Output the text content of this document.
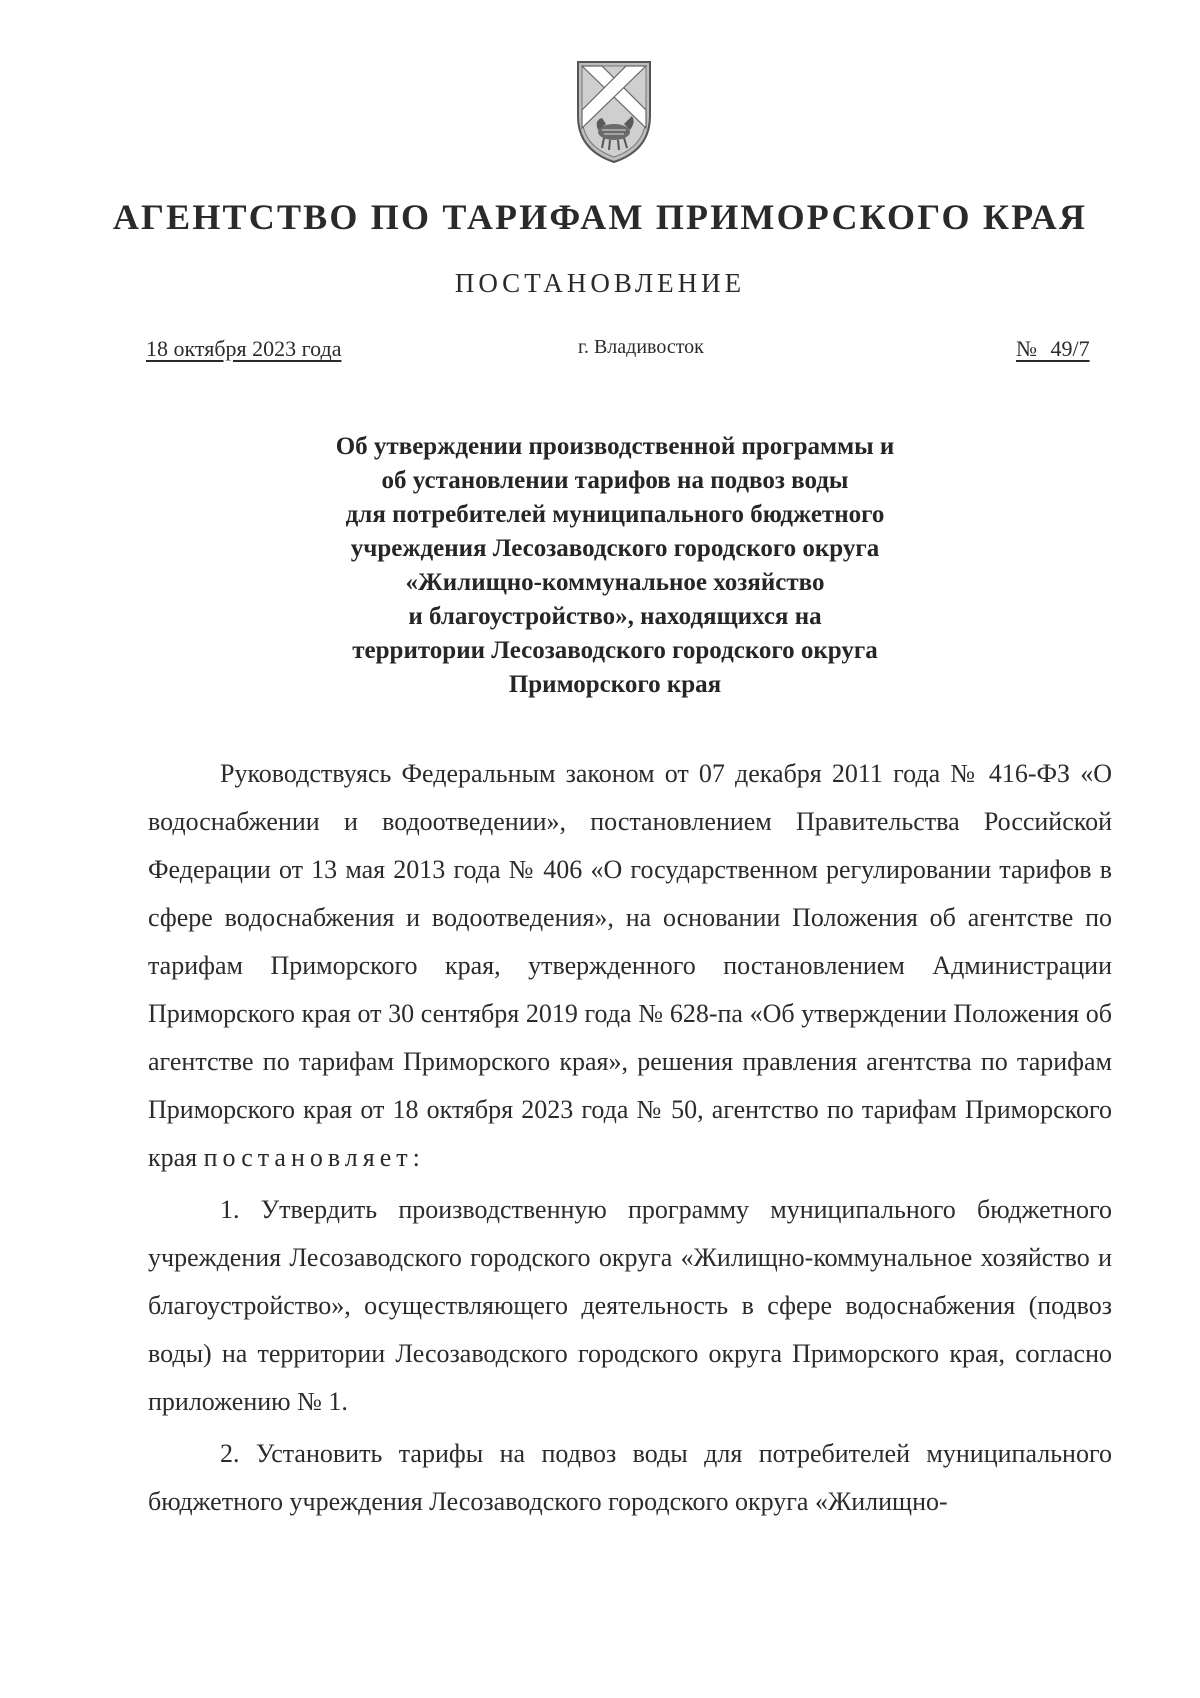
АГЕНТСТВО ПО ТАРИФАМ ПРИМОРСКОГО КРАЯ
ПОСТАНОВЛЕНИЕ
18 октября 2023 года	г. Владивосток	№ 49/7
Об утверждении производственной программы и
об установлении тарифов на подвоз воды
для потребителей муниципального бюджетного
учреждения Лесозаводского городского округа
«Жилищно-коммунальное хозяйство
и благоустройство», находящихся на
территории Лесозаводского городского округа
Приморского края

Руководствуясь Федеральным законом от 07 декабря 2011 года № 416-ФЗ «О водоснабжении и водоотведении», постановлением Правительства Российской Федерации от 13 мая 2013 года № 406 «О государственном регулировании тарифов в сфере водоснабжения и водоотведения», на основании Положения об агентстве по тарифам Приморского края, утвержденного постановлением Администрации Приморского края от 30 сентября 2019 года № 628-па «Об утверждении Положения об агентстве по тарифам Приморского края», решения правления агентства по тарифам Приморского края от 18 октября 2023 года № 50, агентство по тарифам Приморского края постановляет:

1. Утвердить производственную программу муниципального бюджетного учреждения Лесозаводского городского округа «Жилищно-коммунальное хозяйство и благоустройство», осуществляющего деятельность в сфере водоснабжения (подвоз воды) на территории Лесозаводского городского округа Приморского края, согласно приложению № 1.

2. Установить тарифы на подвоз воды для потребителей муниципального бюджетного учреждения Лесозаводского городского округа «Жилищно-
